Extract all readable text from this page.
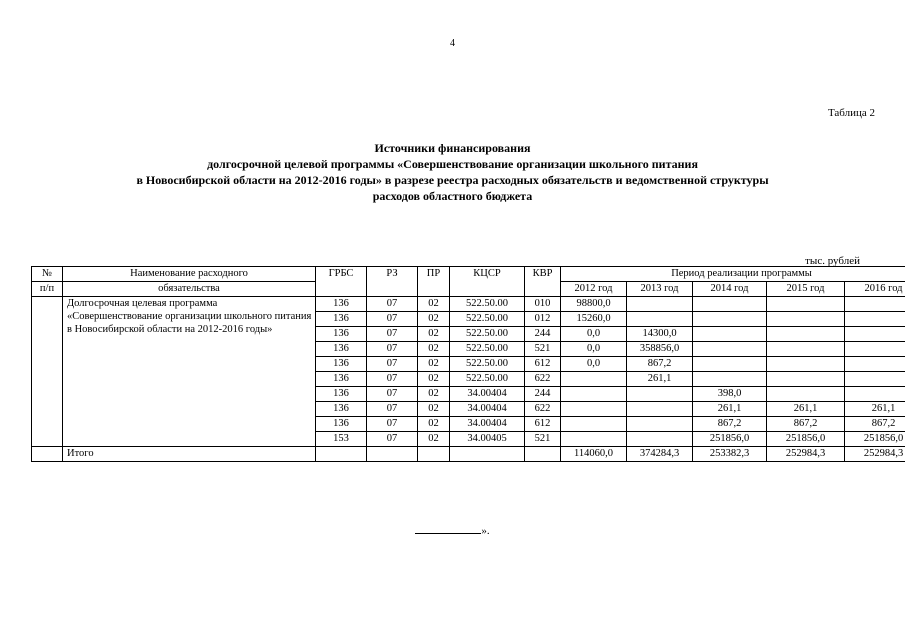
4
Таблица 2
Источники финансирования
долгосрочной целевой программы «Совершенствование организации школьного питания
в Новосибирской области на 2012-2016 годы» в разрезе реестра расходных обязательств и ведомственной структуры
расходов областного бюджета
тыс. рублей
№	Наименование расходного	ГРБС	РЗ	ПР	КЦСР	КВР	Период реализации программы				
п/п	обязательства						2012 год	2013 год	2014 год	2015 год	2016 год
	Долгосрочная целевая программа «Совершенствование организации школьного питания в Новосибирской области на 2012-2016 годы»	136	07	02	522.50.00	010	98800,0				
		136	07	02	522.50.00	012	15260,0				
		136	07	02	522.50.00	244	0,0	14300,0			
		136	07	02	522.50.00	521	0,0	358856,0			
		136	07	02	522.50.00	612	0,0	867,2			
		136	07	02	522.50.00	622		261,1			
		136	07	02	34.00404	244			398,0		
		136	07	02	34.00404	622			261,1	261,1	261,1
		136	07	02	34.00404	612			867,2	867,2	867,2
		153	07	02	34.00405	521			251856,0	251856,0	251856,0
	Итого						114060,0	374284,3	253382,3	252984,3	252984,3
».
